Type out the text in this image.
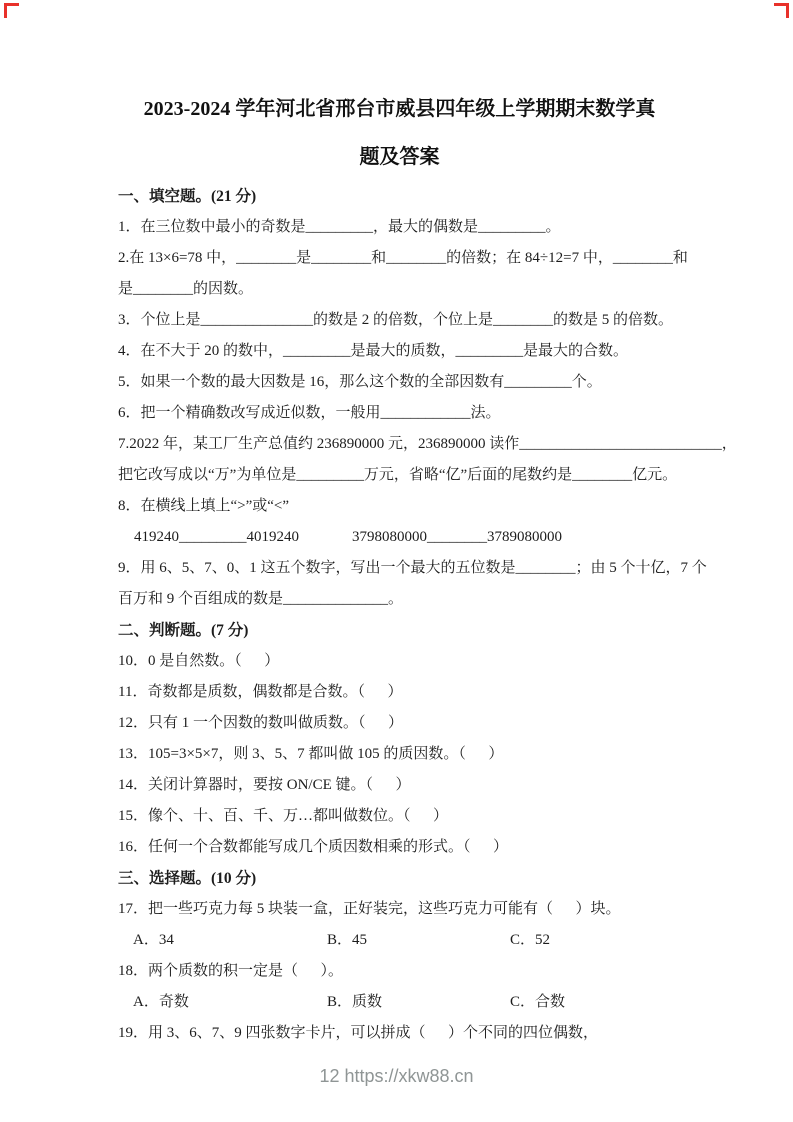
2023-2024 学年河北省邢台市威县四年级上学期期末数学真
题及答案
一、填空题。(21 分)
1．在三位数中最小的奇数是_________，最大的偶数是_________。
2.在 13×6=78 中，________是________和________的倍数；在 84÷12=7 中，________和
是________的因数。
3．个位上是_______________的数是 2 的倍数，个位上是________的数是 5 的倍数。
4．在不大于 20 的数中，_________是最大的质数，_________是最大的合数。
5．如果一个数的最大因数是 16，那么这个数的全部因数有_________个。
6．把一个精确数改写成近似数，一般用____________法。
7.2022 年，某工厂生产总值约 236890000 元，236890000 读作___________________________，
把它改写成以“万”为单位是_________万元，省略“亿”后面的尾数约是________亿元。
8．在横线上填上“>”或“<”
419240_________4019240	3798080000________3789080000
9．用 6、5、7、0、1 这五个数字，写出一个最大的五位数是________；由 5 个十亿，7 个
百万和 9 个百组成的数是______________。
二、判断题。(7 分)
10．0 是自然数。（      ）
11．奇数都是质数，偶数都是合数。（      ）
12．只有 1 一个因数的数叫做质数。（      ）
13．105=3×5×7，则 3、5、7 都叫做 105 的质因数。（      ）
14．关闭计算器时，要按 ON/CE 键。（      ）
15．像个、十、百、千、万…都叫做数位。（      ）
16．任何一个合数都能写成几个质因数相乘的形式。（      ）
三、选择题。(10 分)
17．把一些巧克力每 5 块装一盒，正好装完，这些巧克力可能有（      ）块。
A．34	B．45	C．52
18．两个质数的积一定是（      ）。
A．奇数	B．质数	C．合数
19．用 3、6、7、9 四张数字卡片，可以拼成（      ）个不同的四位偶数，
12 https://xkw88.cn
